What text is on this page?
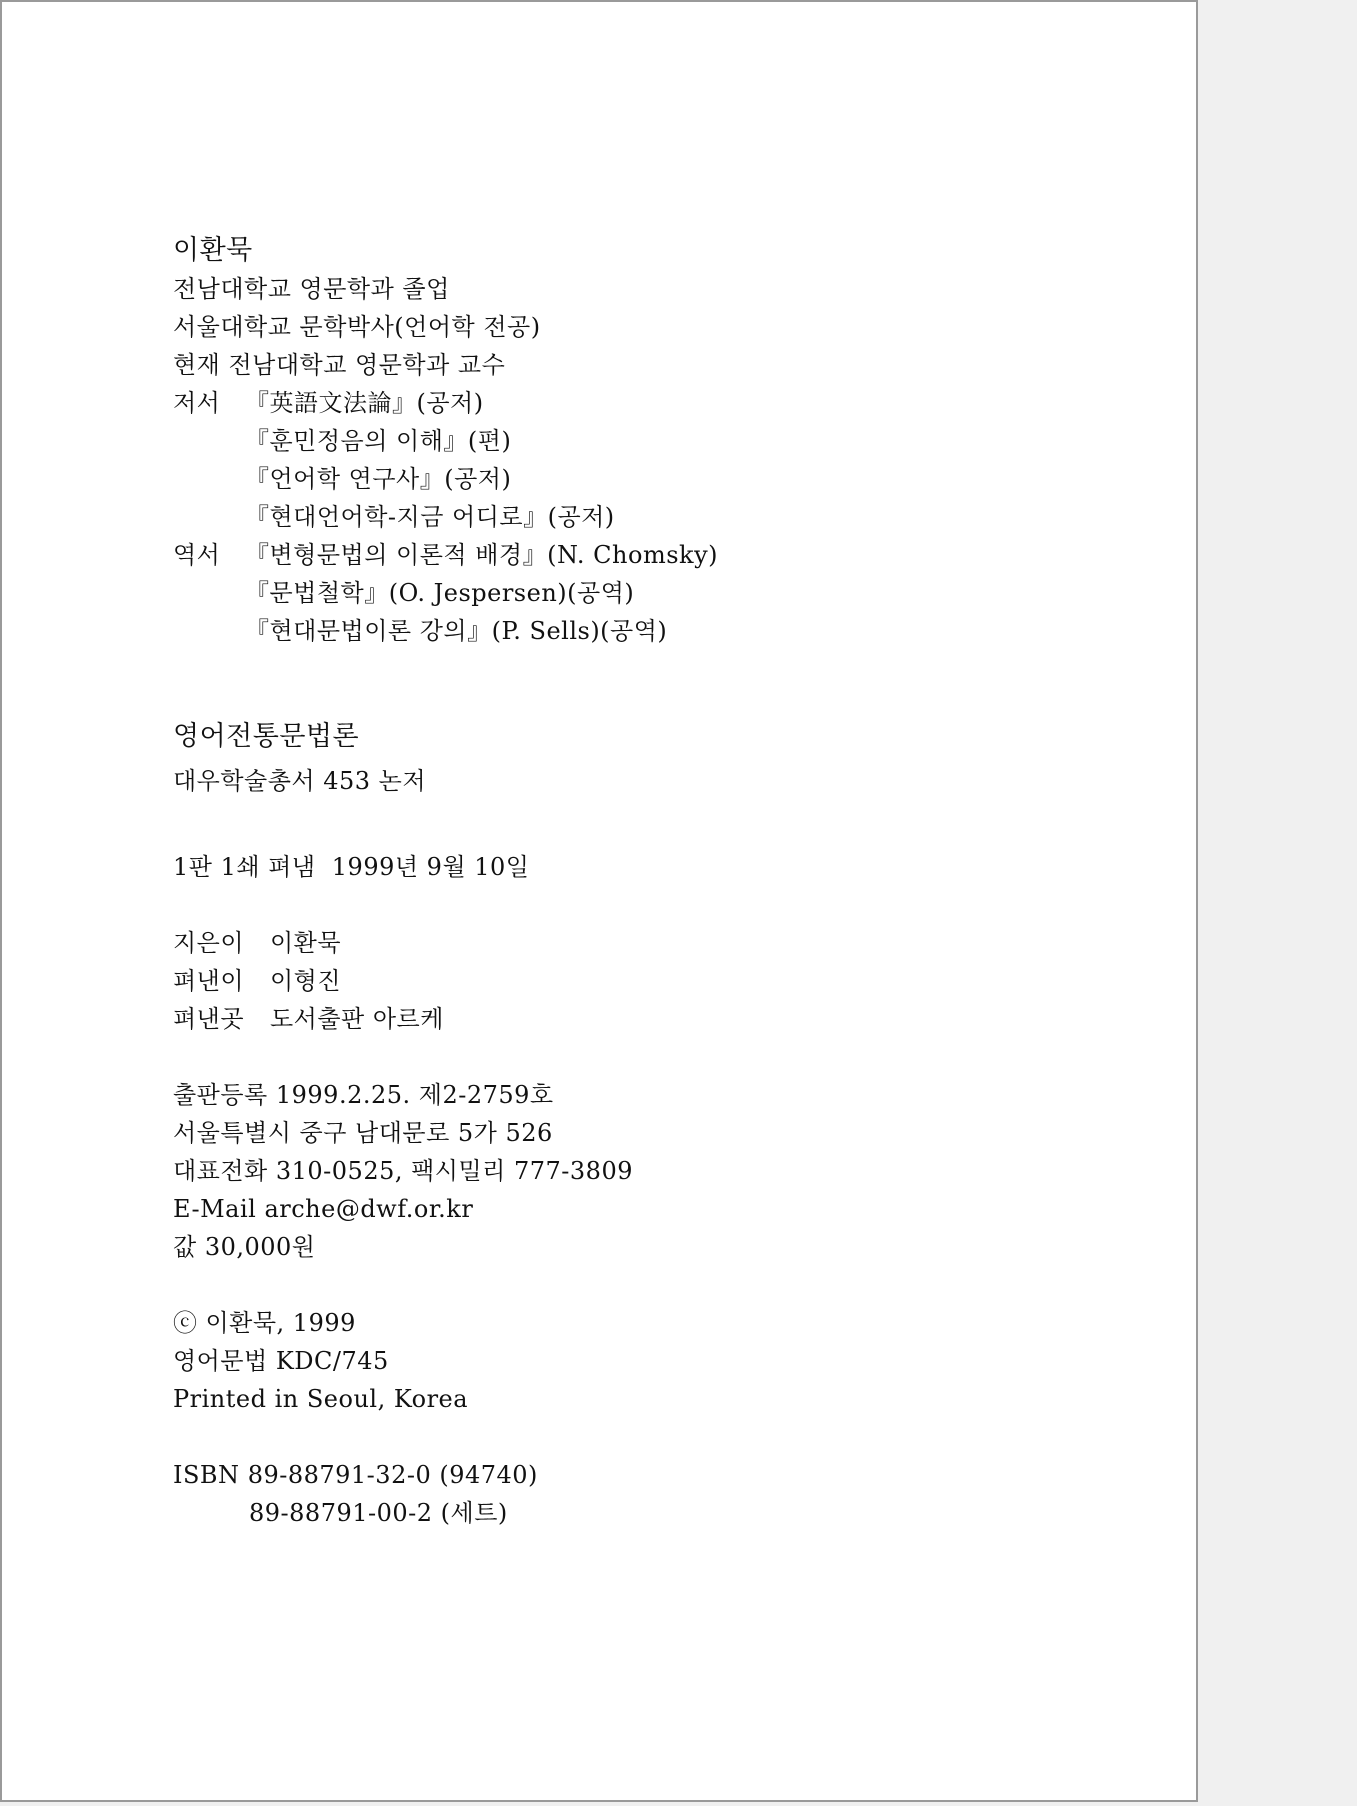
이환묵
전남대학교 영문학과 졸업
서울대학교 문학박사(언어학 전공)
현재 전남대학교 영문학과 교수
저서 『英語文法論』(공저)
『훈민정음의 이해』(편)
『언어학 연구사』(공저)
『현대언어학-지금 어디로』(공저)
역서 『변형문법의 이론적 배경』(N. Chomsky)
『문법철학』(O. Jespersen)(공역)
『현대문법이론 강의』(P. Sells)(공역)
영어전통문법론
대우학술총서 453 논저
1판 1쇄 펴냄  1999년 9월 10일
지은이 이환묵
펴낸이 이형진
펴낸곳 도서출판 아르케
출판등록 1999.2.25. 제2-2759호
서울특별시 중구 남대문로 5가 526
대표전화 310-0525, 팩시밀리 777-3809
E-Mail arche@dwf.or.kr
값 30,000원
ⓒ 이환묵, 1999
영어문법 KDC/745
Printed in Seoul, Korea
ISBN 89-88791-32-0 (94740)
89-88791-00-2 (세트)
